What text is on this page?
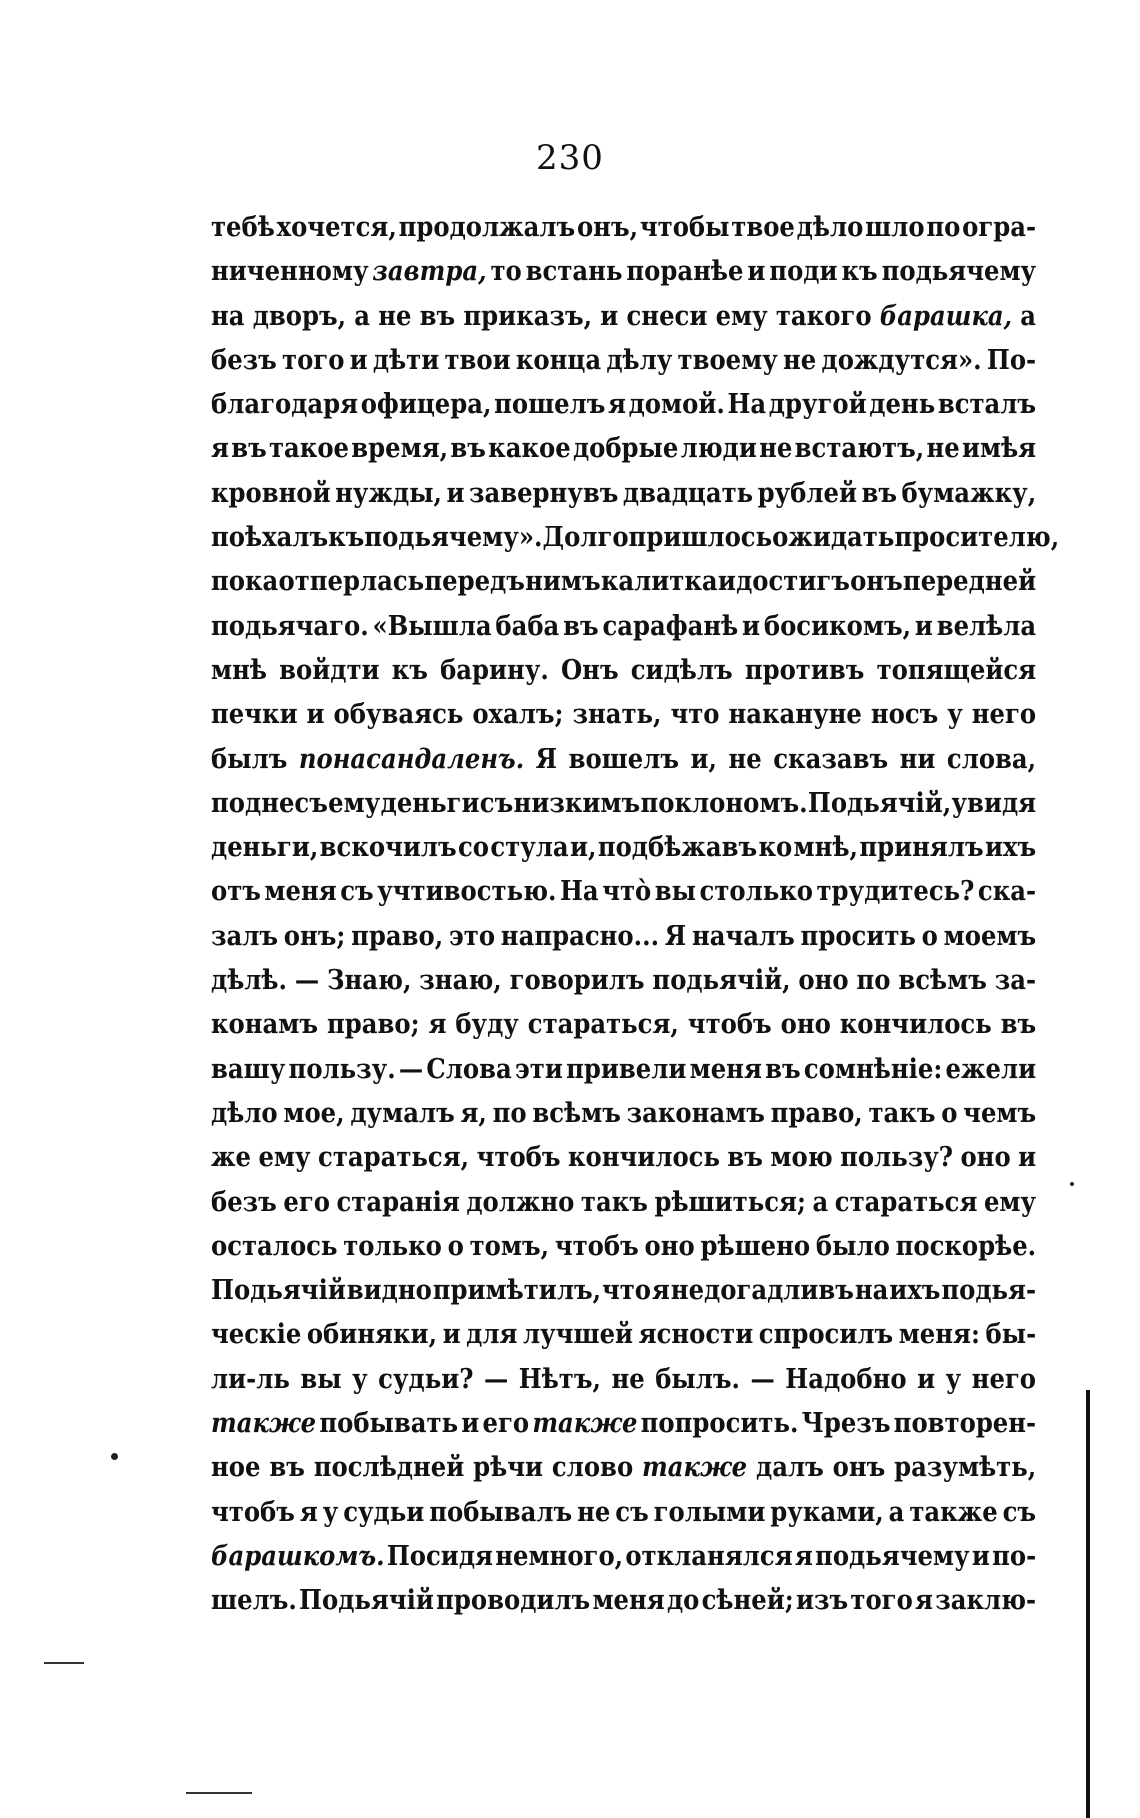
230
тебѣ хочется, продолжалъ онъ, чтобы твое дѣло шло по огра-
ниченному завтра, то встань поранѣе и поди къ подьячему
на дворъ, а не въ приказъ, и снеси ему такого барашка, а
безъ того и дѣти твои конца дѣлу твоему не дождутся». По-
благодаря офицера, пошелъ я домой. На другой день всталъ
я въ такое время, въ какое добрые люди не встаютъ, не имѣя
кровной нужды, и завернувъ двадцать рублей въ бумажку,
поѣхалъ къ подьячему». Долго пришлось ожидать просителю,
пока отперлась передъ нимъ калитка и достигъ онъ передней
подьячаго. «Вышла баба въ сарафанѣ и босикомъ, и велѣла
мнѣ войдти къ барину. Онъ сидѣлъ противъ топящейся
печки и обуваясь охалъ; знать, что накануне носъ у него
былъ понасандаленъ. Я вошелъ и, не сказавъ ни слова,
поднесъ ему деньги съ низкимъ поклономъ. Подьячій, увидя
деньги, вскочилъ со стула и, подбѣжавъ ко мнѣ, принялъ ихъ
отъ меня съ учтивостью. На чтò вы столько трудитесь? ска-
залъ онъ; право, это напрасно... Я началъ просить о моемъ
дѣлѣ. — Знаю, знаю, говорилъ подьячій, оно по всѣмъ за-
конамъ право; я буду стараться, чтобъ оно кончилось въ
вашу пользу. — Слова эти привели меня въ сомнѣніе: ежели
дѣло мое, думалъ я, по всѣмъ законамъ право, такъ о чемъ
же ему стараться, чтобъ кончилось въ мою пользу? оно и
безъ его старанія должно такъ рѣшиться; а стараться ему
осталось только о томъ, чтобъ оно рѣшено было поскорѣе.
Подьячій видно примѣтилъ, что я недогадливъ на ихъ подья-
ческіе обиняки, и для лучшей ясности спросилъ меня: бы-
ли-ль вы у судьи? — Нѣтъ, не былъ. — Надобно и у него
также побывать и его также попросить. Чрезъ повторен-
ное въ послѣдней рѣчи слово также далъ онъ разумѣть,
чтобъ я у судьи побывалъ не съ голыми руками, а также съ
барашкомъ. Посидя немного, откланялся я подьячему и по-
шелъ. Подьячій проводилъ меня до сѣней; изъ того я заклю-
